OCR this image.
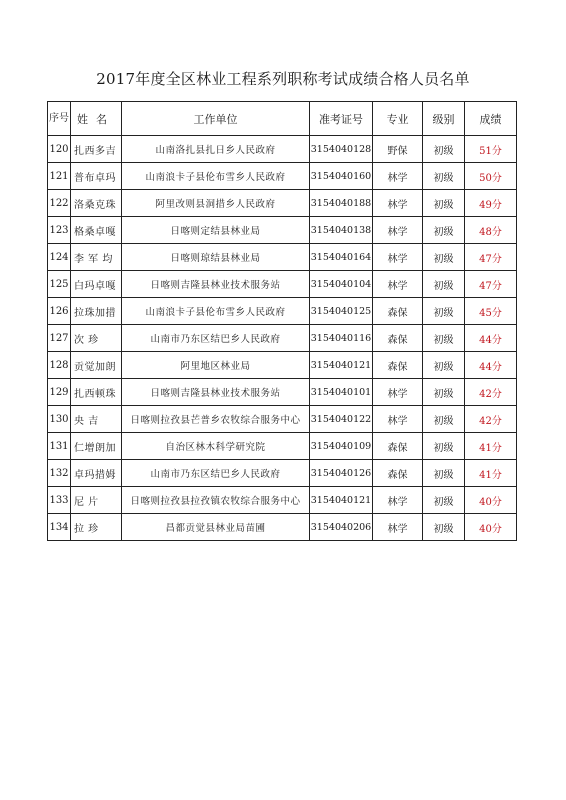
2017年度全区林业工程系列职称考试成绩合格人员名单
序号	姓名	工作单位	准考证号	专业	级别	成绩
120	扎西多吉	山南洛扎县扎日乡人民政府	3154040128	野保	初级	51分
121	普布卓玛	山南浪卡子县伦布雪乡人民政府	3154040160	林学	初级	50分
122	洛桑克珠	阿里改则县洞措乡人民政府	3154040188	林学	初级	49分
123	格桑卓嘎	日喀则定结县林业局	3154040138	林学	初级	48分
124	李 军 均	日喀则琼结县林业局	3154040164	林学	初级	47分
125	白玛卓嘎	日喀则吉隆县林业技术服务站	3154040104	林学	初级	47分
126	拉珠加措	山南浪卡子县伦布雪乡人民政府	3154040125	森保	初级	45分
127	次 珍	山南市乃东区结巴乡人民政府	3154040116	森保	初级	44分
128	贡觉加朗	阿里地区林业局	3154040121	森保	初级	44分
129	扎西顿珠	日喀则吉隆县林业技术服务站	3154040101	林学	初级	42分
130	央 吉	日喀则拉孜县芒普乡农牧综合服务中心	3154040122	林学	初级	42分
131	仁增朗加	自治区林木科学研究院	3154040109	森保	初级	41分
132	卓玛措姆	山南市乃东区结巴乡人民政府	3154040126	森保	初级	41分
133	尼 片	日喀则拉孜县拉孜镇农牧综合服务中心	3154040121	林学	初级	40分
134	拉 珍	昌都贡觉县林业局苗圃	3154040206	林学	初级	40分
